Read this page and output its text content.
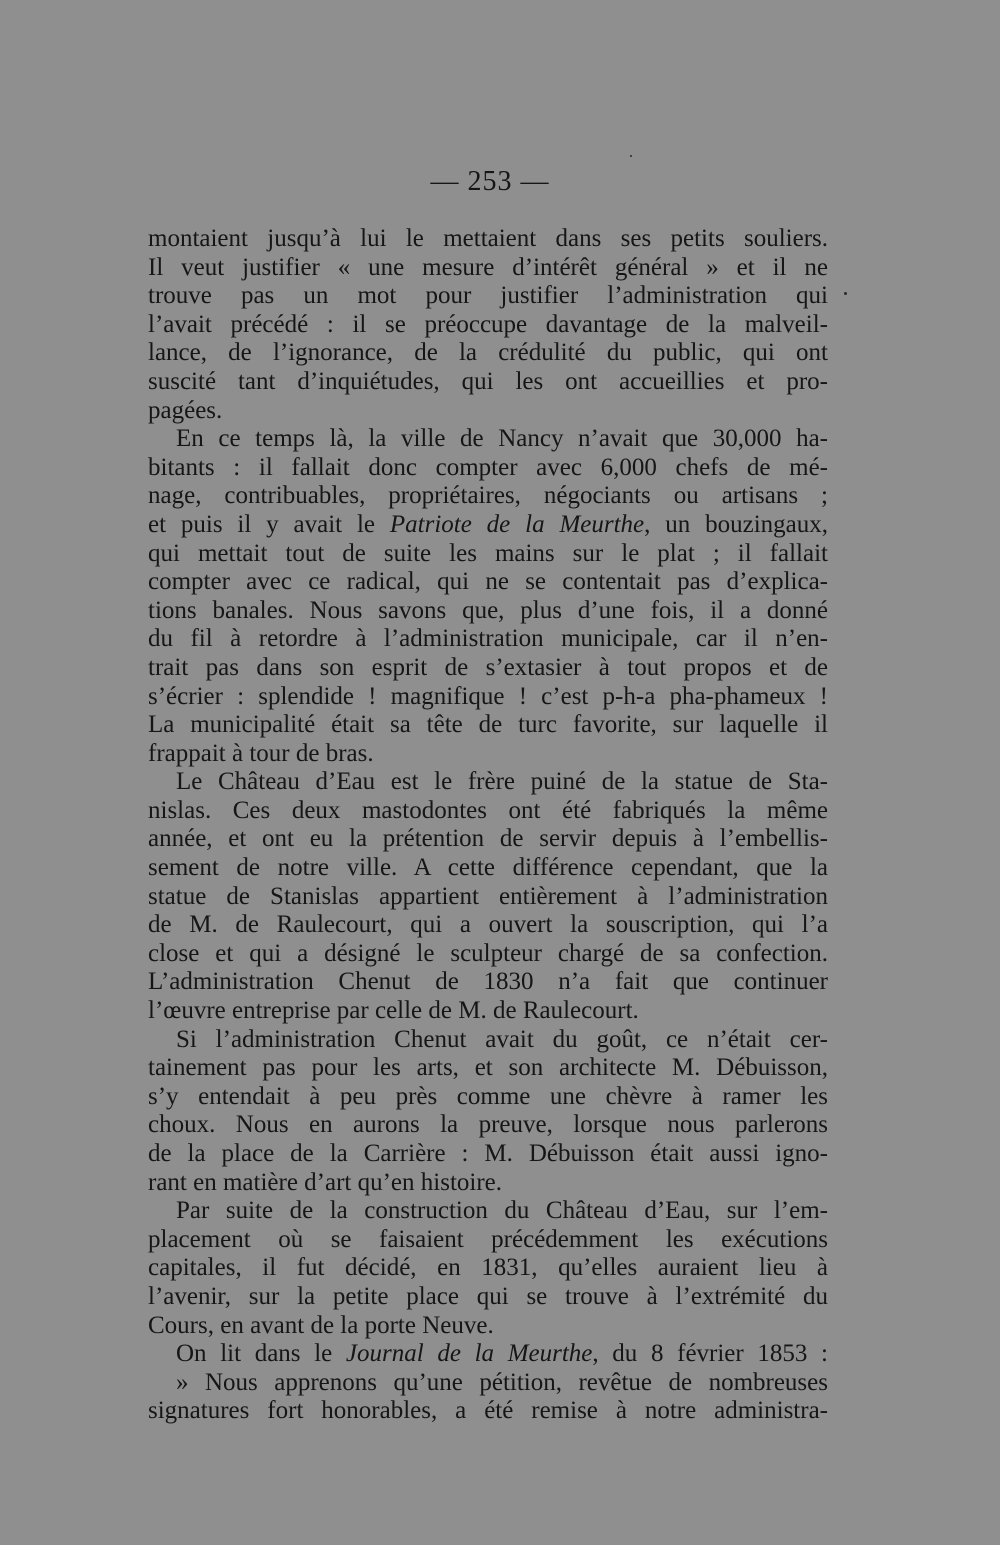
— 253 —
montaient jusqu’à lui le mettaient dans ses petits souliers.
Il veut justifier « une mesure d’intérêt général » et il ne
trouve pas un mot pour justifier l’administration qui
l’avait précédé : il se préoccupe davantage de la malveil-
lance, de l’ignorance, de la crédulité du public, qui ont
suscité tant d’inquiétudes, qui les ont accueillies et pro-
pagées.
En ce temps là, la ville de Nancy n’avait que 30,000 ha-
bitants : il fallait donc compter avec 6,000 chefs de mé-
nage, contribuables, propriétaires, négociants ou artisans ;
et puis il y avait le Patriote de la Meurthe, un bouzingaux,
qui mettait tout de suite les mains sur le plat ; il fallait
compter avec ce radical, qui ne se contentait pas d’explica-
tions banales. Nous savons que, plus d’une fois, il a donné
du fil à retordre à l’administration municipale, car il n’en-
trait pas dans son esprit de s’extasier à tout propos et de
s’écrier : splendide ! magnifique ! c’est p-h-a pha-phameux !
La municipalité était sa tête de turc favorite, sur laquelle il
frappait à tour de bras.
Le Château d’Eau est le frère puiné de la statue de Sta-
nislas. Ces deux mastodontes ont été fabriqués la même
année, et ont eu la prétention de servir depuis à l’embellis-
sement de notre ville. A cette différence cependant, que la
statue de Stanislas appartient entièrement à l’administration
de M. de Raulecourt, qui a ouvert la souscription, qui l’a
close et qui a désigné le sculpteur chargé de sa confection.
L’administration Chenut de 1830 n’a fait que continuer
l’œuvre entreprise par celle de M. de Raulecourt.
Si l’administration Chenut avait du goût, ce n’était cer-
tainement pas pour les arts, et son architecte M. Débuisson,
s’y entendait à peu près comme une chèvre à ramer les
choux. Nous en aurons la preuve, lorsque nous parlerons
de la place de la Carrière : M. Débuisson était aussi igno-
rant en matière d’art qu’en histoire.
Par suite de la construction du Château d’Eau, sur l’em-
placement où se faisaient précédemment les exécutions
capitales, il fut décidé, en 1831, qu’elles auraient lieu à
l’avenir, sur la petite place qui se trouve à l’extrémité du
Cours, en avant de la porte Neuve.
On lit dans le Journal de la Meurthe, du 8 février 1853 :
» Nous apprenons qu’une pétition, revêtue de nombreuses
signatures fort honorables, a été remise à notre administra-
